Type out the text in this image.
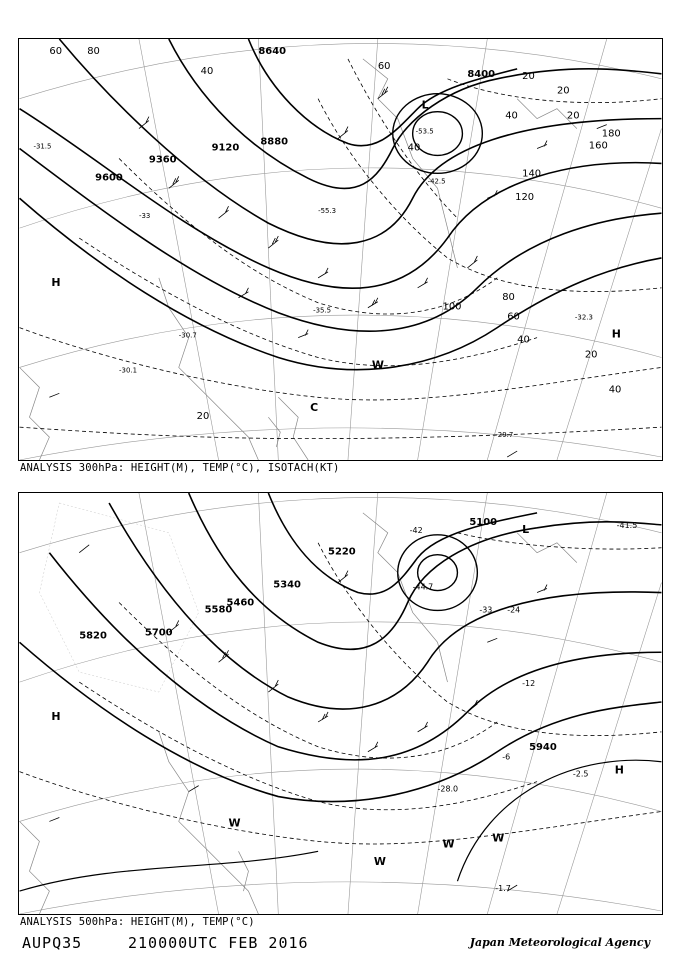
8640
8400
9120
8880
9360
9600
60	80
40	20
60
40
20
40	20
180
160
140
120
100
80
60
40
20
40
20
-53.5
-55.3
-42.5
-31.5
-33
-35.5
-30.7
-29.7
-30.1
-32.3
H
H
C
W
L
ANALYSIS 300hPa: HEIGHT(M), TEMP(°C), ISOTACH(KT)
5100
5220
5340
5460
5580
5700
5820
5940
-42
-44.7
-41.5
-33
-28.0
-24
-12
-6
-2.5
-1.7
H
H
L
W
W
W	W
ANALYSIS 500hPa: HEIGHT(M), TEMP(°C)
AUPQ35	210000UTC FEB 2016	Japan Meteorological Agency
